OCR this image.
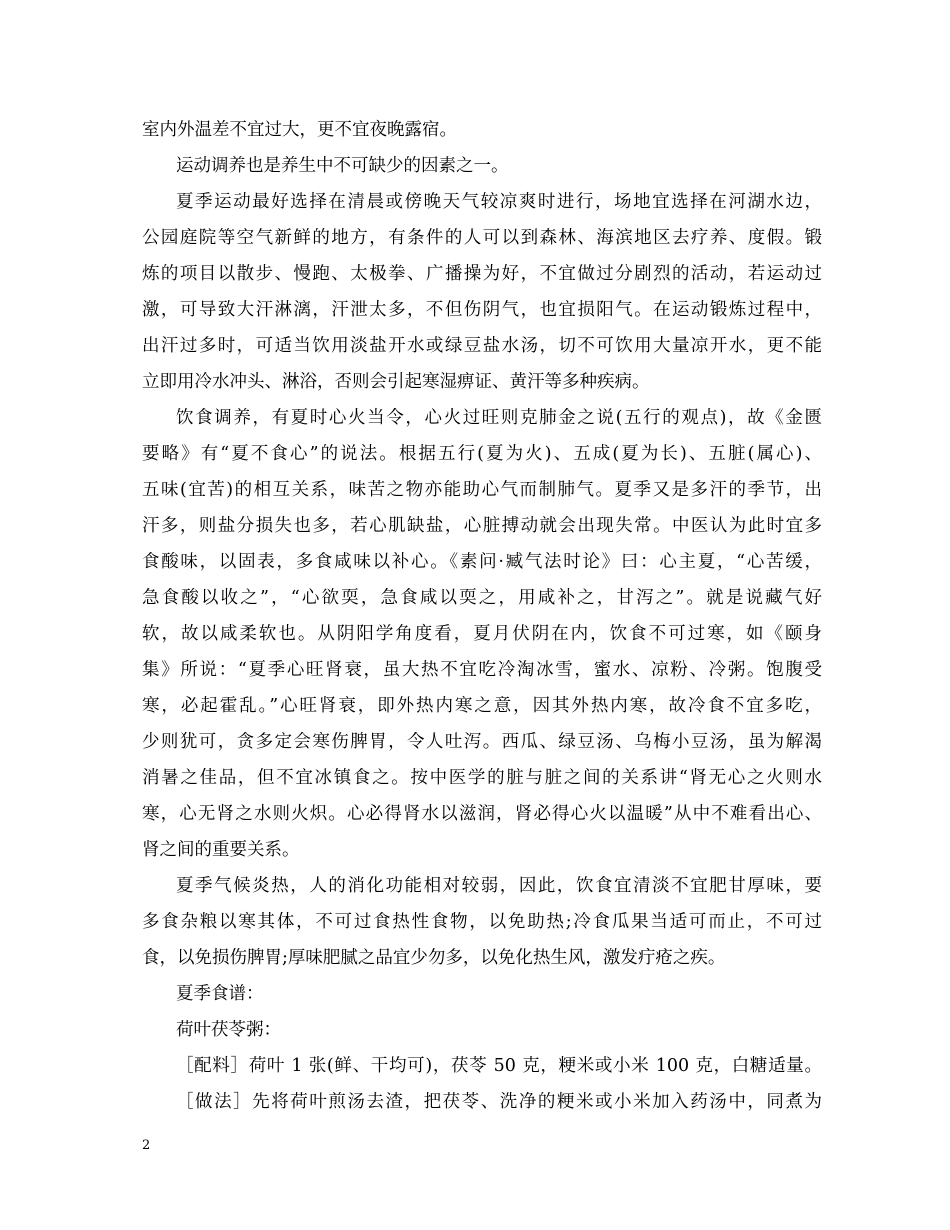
室内外温差不宜过大，更不宜夜晚露宿。
运动调养也是养生中不可缺少的因素之一。
夏季运动最好选择在清晨或傍晚天气较凉爽时进行，场地宜选择在河湖水边，
公园庭院等空气新鲜的地方，有条件的人可以到森林、海滨地区去疗养、度假。锻
炼的项目以散步、慢跑、太极拳、广播操为好，不宜做过分剧烈的活动，若运动过
激，可导致大汗淋漓，汗泄太多，不但伤阴气，也宜损阳气。在运动锻炼过程中，
出汗过多时，可适当饮用淡盐开水或绿豆盐水汤，切不可饮用大量凉开水，更不能
立即用冷水冲头、淋浴，否则会引起寒湿痹证、黄汗等多种疾病。
饮食调养，有夏时心火当令，心火过旺则克肺金之说(五行的观点)，故《金匮
要略》有“夏不食心”的说法。根据五行(夏为火)、五成(夏为长)、五脏(属心)、
五味(宜苦)的相互关系，味苦之物亦能助心气而制肺气。夏季又是多汗的季节，出
汗多，则盐分损失也多，若心肌缺盐，心脏搏动就会出现失常。中医认为此时宜多
食酸味，以固表，多食咸味以补心。《素问·臧气法时论》曰：心主夏，“心苦缓，
急食酸以收之”，“心欲耎，急食咸以耎之，用咸补之，甘泻之”。就是说藏气好
软，故以咸柔软也。从阴阳学角度看，夏月伏阴在内，饮食不可过寒，如《颐身
集》所说：“夏季心旺肾衰，虽大热不宜吃冷淘冰雪，蜜水、凉粉、冷粥。饱腹受
寒，必起霍乱。”心旺肾衰，即外热内寒之意，因其外热内寒，故冷食不宜多吃，
少则犹可，贪多定会寒伤脾胃，令人吐泻。西瓜、绿豆汤、乌梅小豆汤，虽为解渴
消暑之佳品，但不宜冰镇食之。按中医学的脏与脏之间的关系讲“肾无心之火则水
寒，心无肾之水则火炽。心必得肾水以滋润，肾必得心火以温暖”从中不难看出心、
肾之间的重要关系。
夏季气候炎热，人的消化功能相对较弱，因此，饮食宜清淡不宜肥甘厚味，要
多食杂粮以寒其体，不可过食热性食物，以免助热;冷食瓜果当适可而止，不可过
食，以免损伤脾胃;厚味肥腻之品宜少勿多，以免化热生风，激发疔疮之疾。
夏季食谱：
荷叶茯苓粥：
［配料］荷叶 1 张(鲜、干均可)，茯苓 50 克，粳米或小米 100 克，白糖适量。
［做法］先将荷叶煎汤去渣，把茯苓、洗净的粳米或小米加入药汤中，同煮为
2
